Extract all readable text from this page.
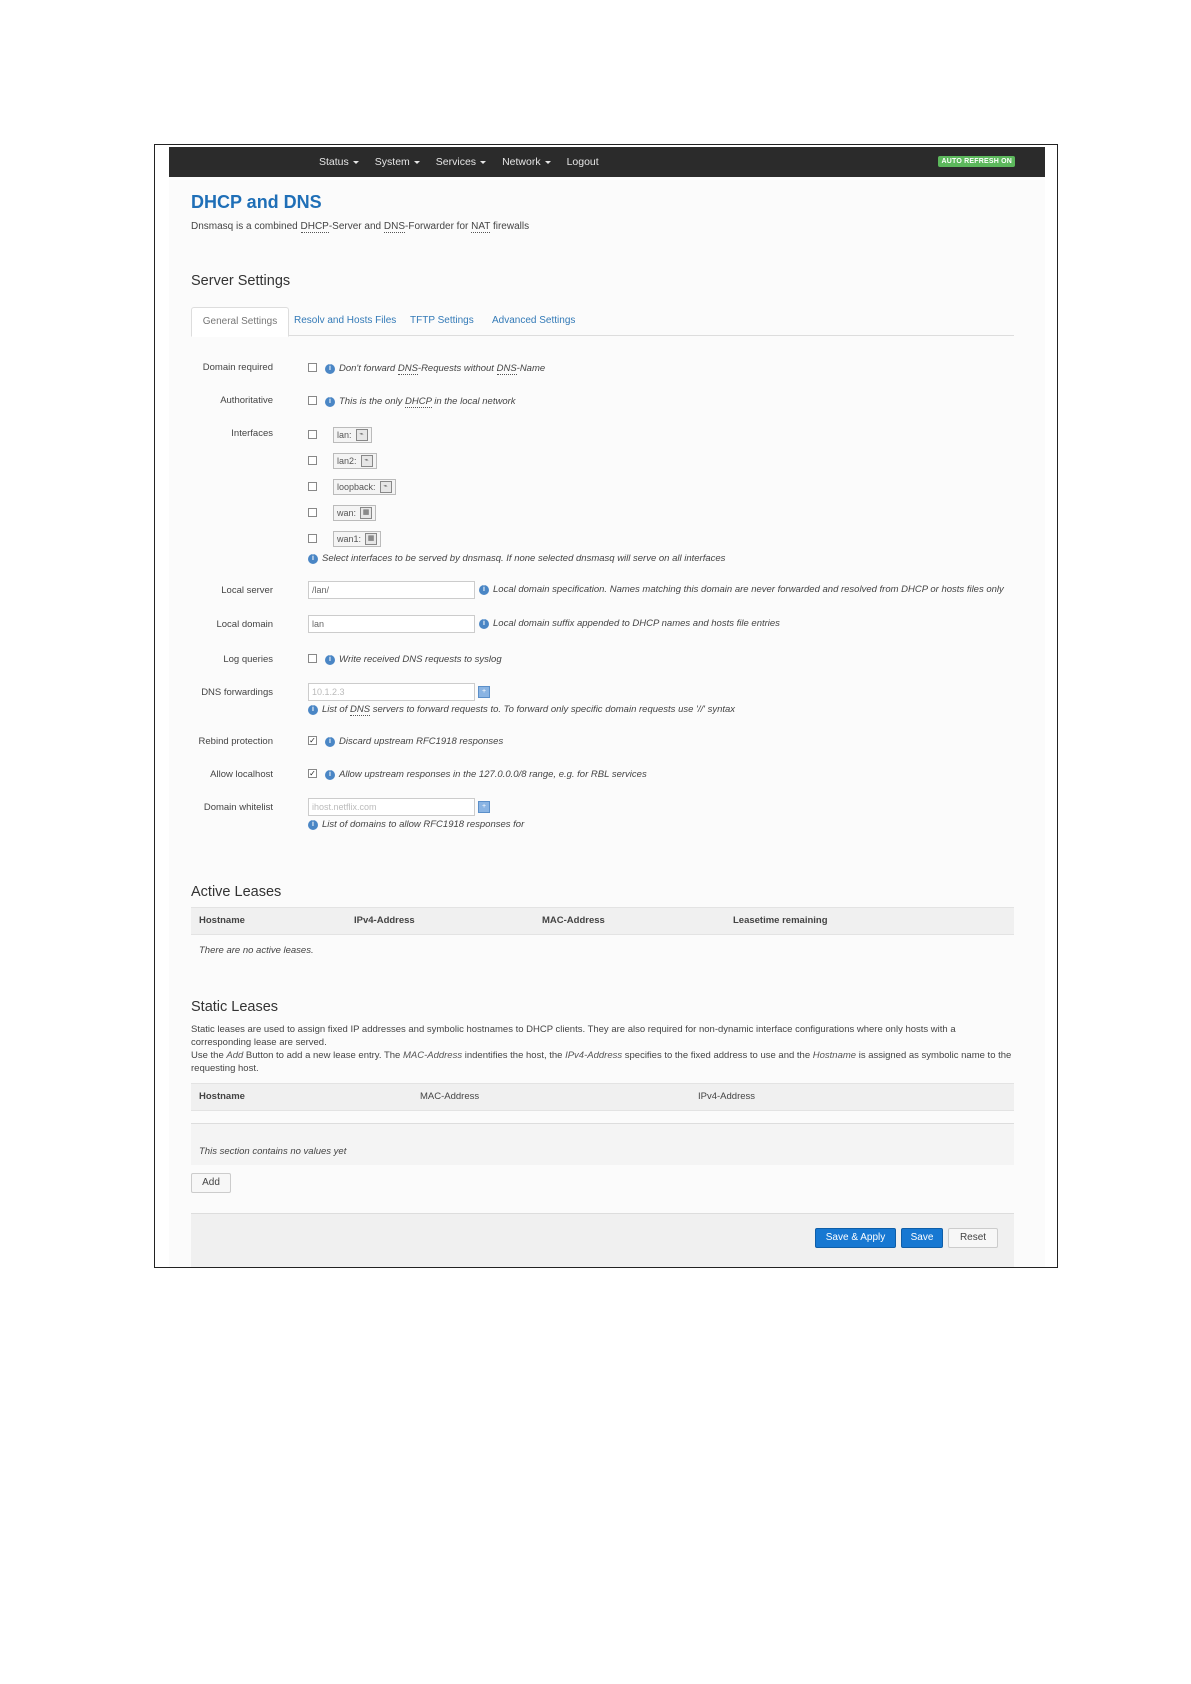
Status System Services Network Logout	AUTO REFRESH ON
DHCP and DNS
Dnsmasq is a combined DHCP-Server and DNS-Forwarder for NAT firewalls
Server Settings
General Settings	Resolv and Hosts Files TFTP Settings Advanced Settings
Domain required	i Don't forward DNS-Requests without DNS-Name
Authoritative	i This is the only DHCP in the local network
Interfaces	lan:	⌁
lan2:	⌁
loopback:	⌁
wan: ▦
wan1: ▦
i Select interfaces to be served by dnsmasq. If none selected dnsmasq will serve on all interfaces
Local server	/lan/	i Local domain specification. Names matching this domain are never forwarded and resolved from DHCP or hosts files only
Local domain	lan	i Local domain suffix appended to DHCP names and hosts file entries
Log queries	i Write received DNS requests to syslog
DNS forwardings	10.1.2.3	+
i List of DNS servers to forward requests to. To forward only specific domain requests use '//' syntax
Rebind protection	✓	i Discard upstream RFC1918 responses
Allow localhost	✓	i Allow upstream responses in the 127.0.0.0/8 range, e.g. for RBL services
Domain whitelist	ihost.netflix.com	+
i List of domains to allow RFC1918 responses for
Active Leases
Hostname	IPv4-Address	MAC-Address	Leasetime remaining
There are no active leases.
Static Leases
Static leases are used to assign fixed IP addresses and symbolic hostnames to DHCP clients. They are also required for non-dynamic interface configurations where only hosts with a corresponding lease are served.
Use the Add Button to add a new lease entry. The MAC-Address indentifies the host, the IPv4-Address specifies to the fixed address to use and the Hostname is assigned as symbolic name to the requesting host.
Hostname	MAC-Address	IPv4-Address
This section contains no values yet
Add
Save & Apply	Save	Reset
